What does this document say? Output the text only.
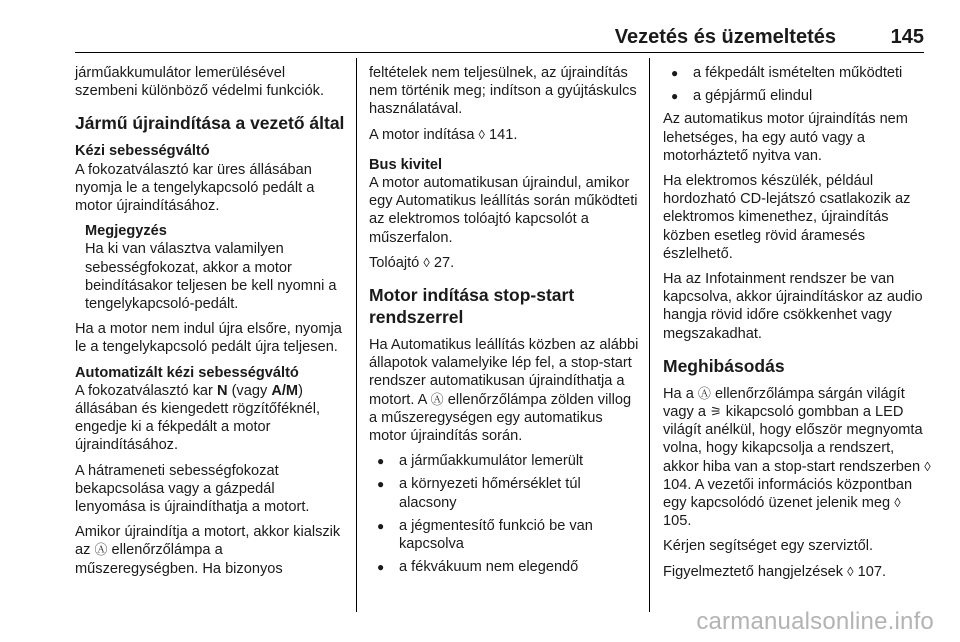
Vezetés és üzemeltetés	145

járműakkumulátor lemerülésével szembeni különböző védelmi funkciók.

Jármű újraindítása a vezető által
Kézi sebességváltó

A fokozatválasztó kar üres állásában nyomja le a tengelykapcsoló pedált a motor újraindításához.

Megjegyzés
Ha ki van választva valamilyen sebességfokozat, akkor a motor beindításakor teljesen be kell nyomni a tengelykapcsoló-pedált.

Ha a motor nem indul újra elsőre, nyomja le a tengelykapcsoló pedált újra teljesen.

Automatizált kézi sebességváltó

A fokozatválasztó kar N (vagy A/M) állásában és kiengedett rögzítőféknél, engedje ki a fékpedált a motor újraindításához.

A hátrameneti sebességfokozat bekapcsolása vagy a gázpedál lenyomása is újraindíthatja a motort.

Amikor újraindítja a motort, akkor kialszik az Ⓐ ellenőrzőlámpa a műszeregységben. Ha bizonyos

feltételek nem teljesülnek, az újraindítás nem történik meg; indítson a gyújtáskulcs használatával.

A motor indítása ◊ 141.

Bus kivitel

A motor automatikusan újraindul, amikor egy Automatikus leállítás során működteti az elektromos tolóajtó kapcsolót a műszerfalon.

Tolóajtó ◊ 27.

Motor indítása stop-start rendszerrel

Ha Automatikus leállítás közben az alábbi állapotok valamelyike lép fel, a stop-start rendszer automatikusan újraindíthatja a motort. A Ⓐ ellenőrzőlámpa zölden villog a műszeregységen egy automatikus motor újraindítás során.

● a járműakkumulátor lemerült
● a környezeti hőmérséklet túl alacsony
● a jégmentesítő funkció be van kapcsolva
● a fékvákuum nem elegendő
● a fékpedált ismételten működteti
● a gépjármű elindul

Az automatikus motor újraindítás nem lehetséges, ha egy autó vagy a motorháztető nyitva van.

Ha elektromos készülék, például hordozható CD-lejátszó csatlakozik az elektromos kimenethez, újraindítás közben esetleg rövid áramesés észlelhető.

Ha az Infotainment rendszer be van kapcsolva, akkor újraindításkor az audio hangja rövid időre csökkenhet vagy megszakadhat.

Meghibásodás

Ha a Ⓐ ellenőrzőlámpa sárgán világít vagy a ⚞ kikapcsoló gombban a LED világít anélkül, hogy először megnyomta volna, hogy kikapcsolja a rendszert, akkor hiba van a stop-start rendszerben ◊ 104. A vezetői információs központban egy kapcsolódó üzenet jelenik meg ◊ 105.

Kérjen segítséget egy szerviztől.

Figyelmeztető hangjelzések ◊ 107.

carmanualsonline.info
